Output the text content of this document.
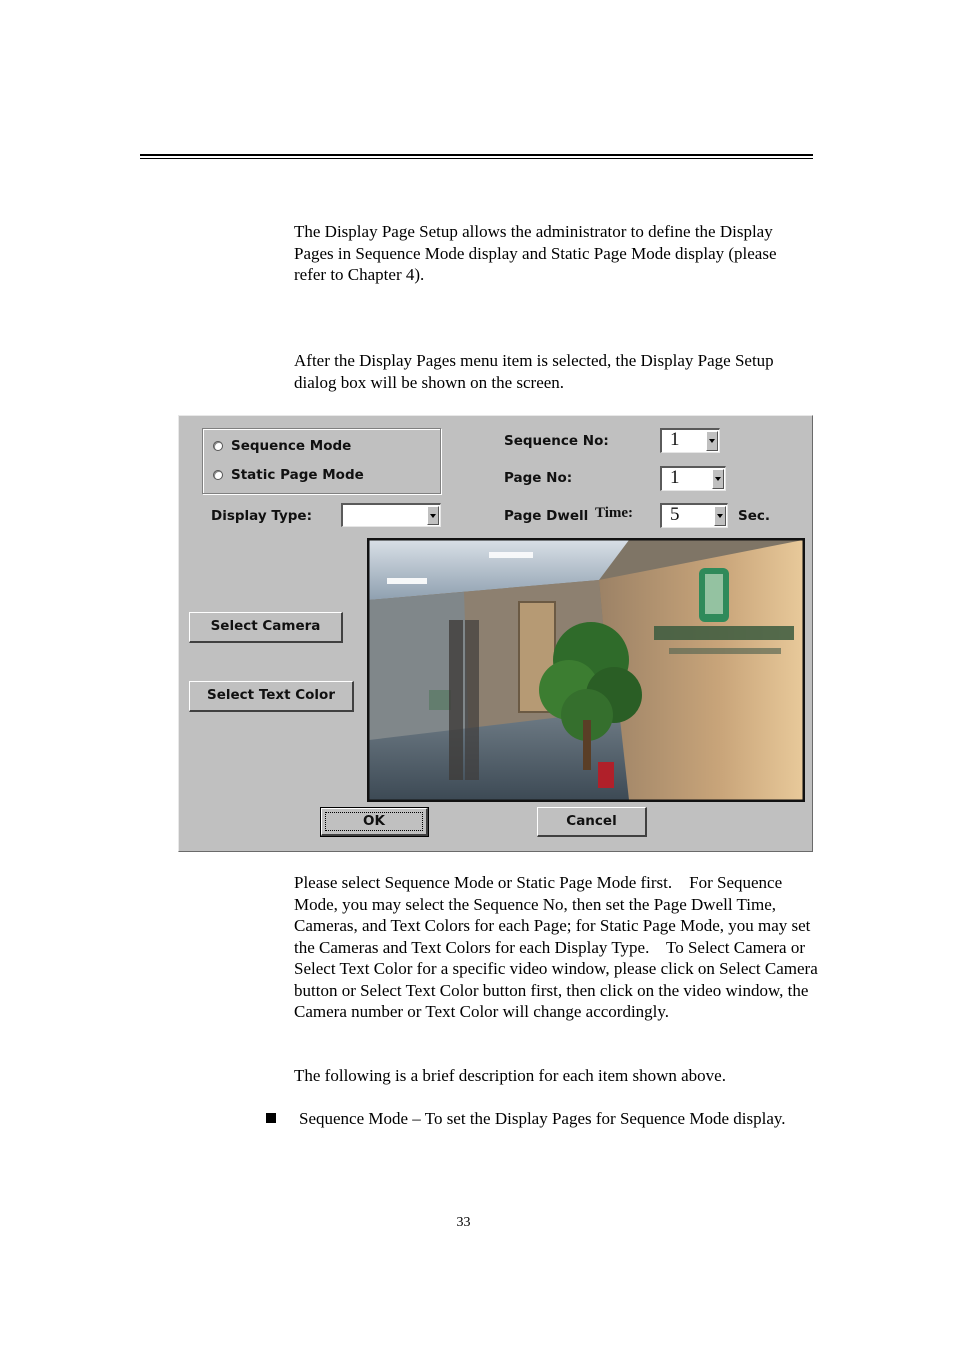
The Display Page Setup allows the administrator to define the Display Pages in Sequence Mode display and Static Page Mode display (please refer to Chapter 4).

After the Display Pages menu item is selected, the Display Page Setup dialog box will be shown on the screen.

Sequence Mode
Static Page Mode
Display Type:
Sequence No:	1
Page No:	1
Page Dwell Time:	5	Sec.
Select Camera
Select Text Color
OK	Cancel

Please select Sequence Mode or Static Page Mode first.    For Sequence Mode, you may select the Sequence No, then set the Page Dwell Time, Cameras, and Text Colors for each Page; for Static Page Mode, you may set the Cameras and Text Colors for each Display Type.    To Select Camera or Select Text Color for a specific video window, please click on Select Camera button or Select Text Color button first, then click on the video window, the Camera number or Text Color will change accordingly.

The following is a brief description for each item shown above.

Sequence Mode – To set the Display Pages for Sequence Mode display.

33
